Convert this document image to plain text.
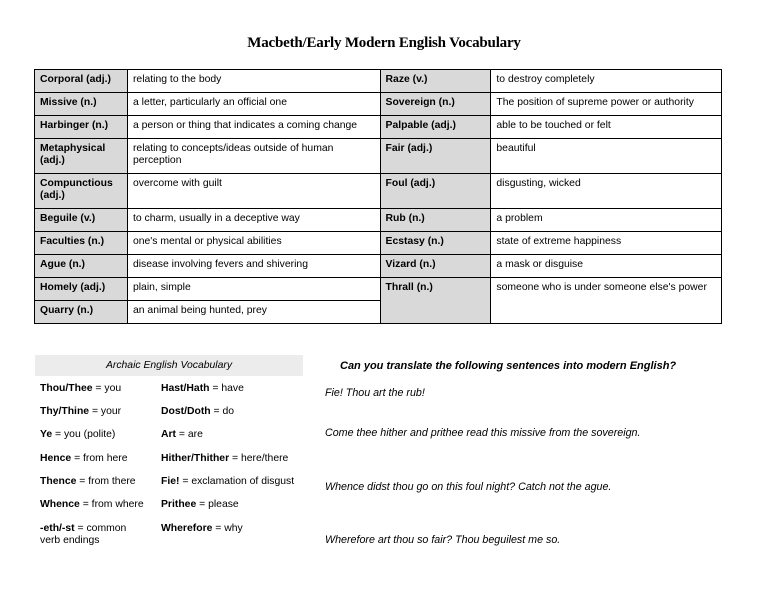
Macbeth/Early Modern English Vocabulary
Corporal (adj.)	relating to the body	Raze (v.)	to destroy completely
Missive (n.)	a letter, particularly an official one	Sovereign (n.)	The position of supreme power or authority
Harbinger (n.)	a person or thing that indicates a coming change	Palpable (adj.)	able to be touched or felt
Metaphysical (adj.)	relating to concepts/ideas outside of human perception	Fair (adj.)	beautiful
Compunctious (adj.)	overcome with guilt	Foul (adj.)	disgusting, wicked
Beguile (v.)	to charm, usually in a deceptive way	Rub (n.)	a problem
Faculties (n.)	one's mental or physical abilities	Ecstasy (n.)	state of extreme happiness
Ague (n.)	disease involving fevers and shivering	Vizard (n.)	a mask or disguise
Homely (adj.)	plain, simple	Thrall (n.)	someone who is under someone else's power
Quarry (n.)	an animal being hunted, prey		
Archaic English Vocabulary
Thou/Thee = you
Thy/Thine = your
Ye = you (polite)
Hence = from here
Thence = from there
Whence = from where
-eth/-st = common verb endings
Hast/Hath = have
Dost/Doth = do
Art = are
Hither/Thither = here/there
Fie! = exclamation of disgust
Prithee = please
Wherefore = why
Can you translate the following sentences into modern English?
Fie! Thou art the rub!
Come thee hither and prithee read this missive from the sovereign.
Whence didst thou go on this foul night? Catch not the ague.
Wherefore art thou so fair? Thou beguilest me so.
